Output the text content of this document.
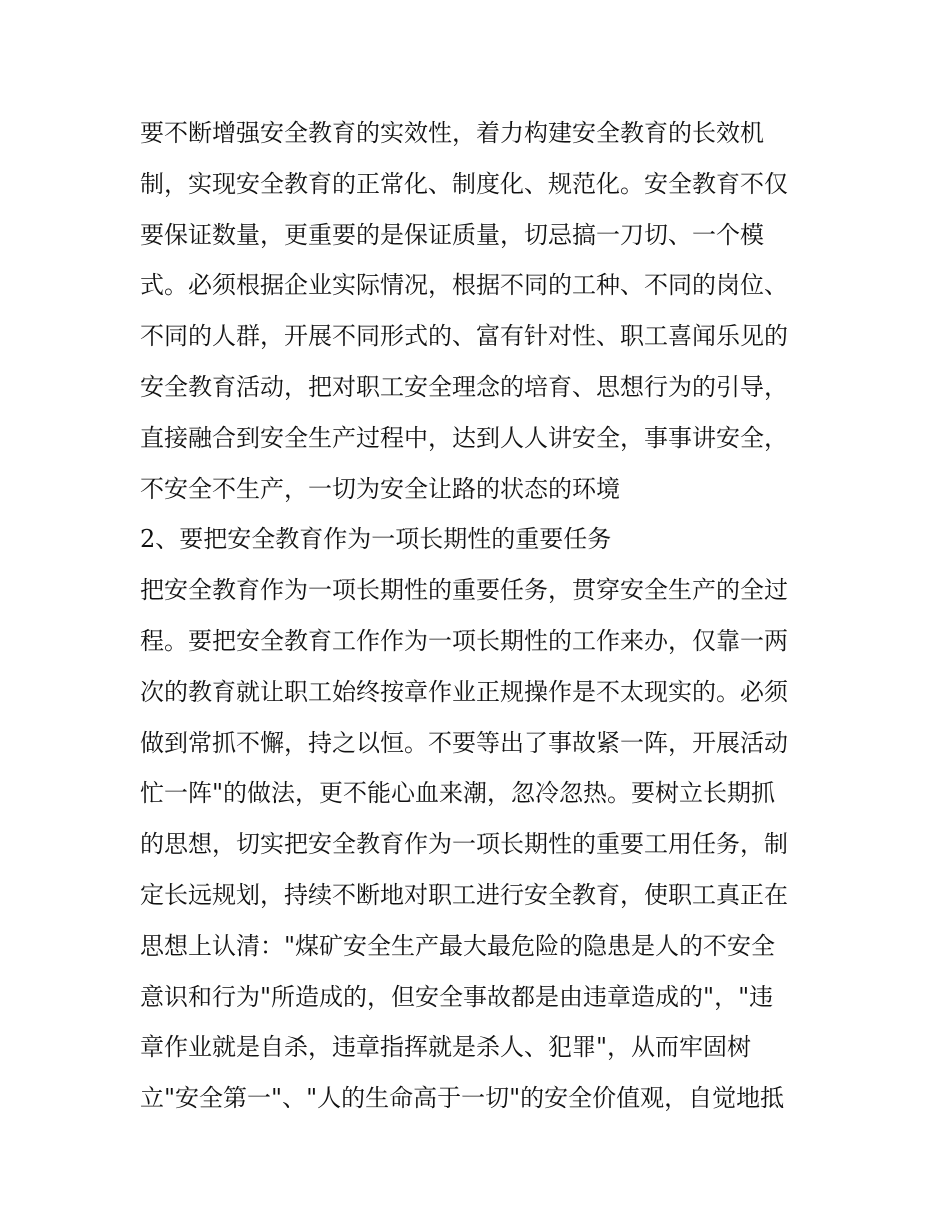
要不断增强安全教育的实效性，着力构建安全教育的长效机
制，实现安全教育的正常化、制度化、规范化。安全教育不仅
要保证数量，更重要的是保证质量，切忌搞一刀切、一个模
式。必须根据企业实际情况，根据不同的工种、不同的岗位、
不同的人群，开展不同形式的、富有针对性、职工喜闻乐见的
安全教育活动，把对职工安全理念的培育、思想行为的引导，
直接融合到安全生产过程中，达到人人讲安全，事事讲安全，
不安全不生产，一切为安全让路的状态的环境
2、要把安全教育作为一项长期性的重要任务
把安全教育作为一项长期性的重要任务，贯穿安全生产的全过
程。要把安全教育工作作为一项长期性的工作来办，仅靠一两
次的教育就让职工始终按章作业正规操作是不太现实的。必须
做到常抓不懈，持之以恒。不要等出了事故紧一阵，开展活动
忙一阵"的做法，更不能心血来潮，忽冷忽热。要树立长期抓
的思想，切实把安全教育作为一项长期性的重要工用任务，制
定长远规划，持续不断地对职工进行安全教育，使职工真正在
思想上认清："煤矿安全生产最大最危险的隐患是人的不安全
意识和行为"所造成的，但安全事故都是由违章造成的"，"违
章作业就是自杀，违章指挥就是杀人、犯罪"，从而牢固树
立"安全第一"、"人的生命高于一切"的安全价值观，自觉地抵
